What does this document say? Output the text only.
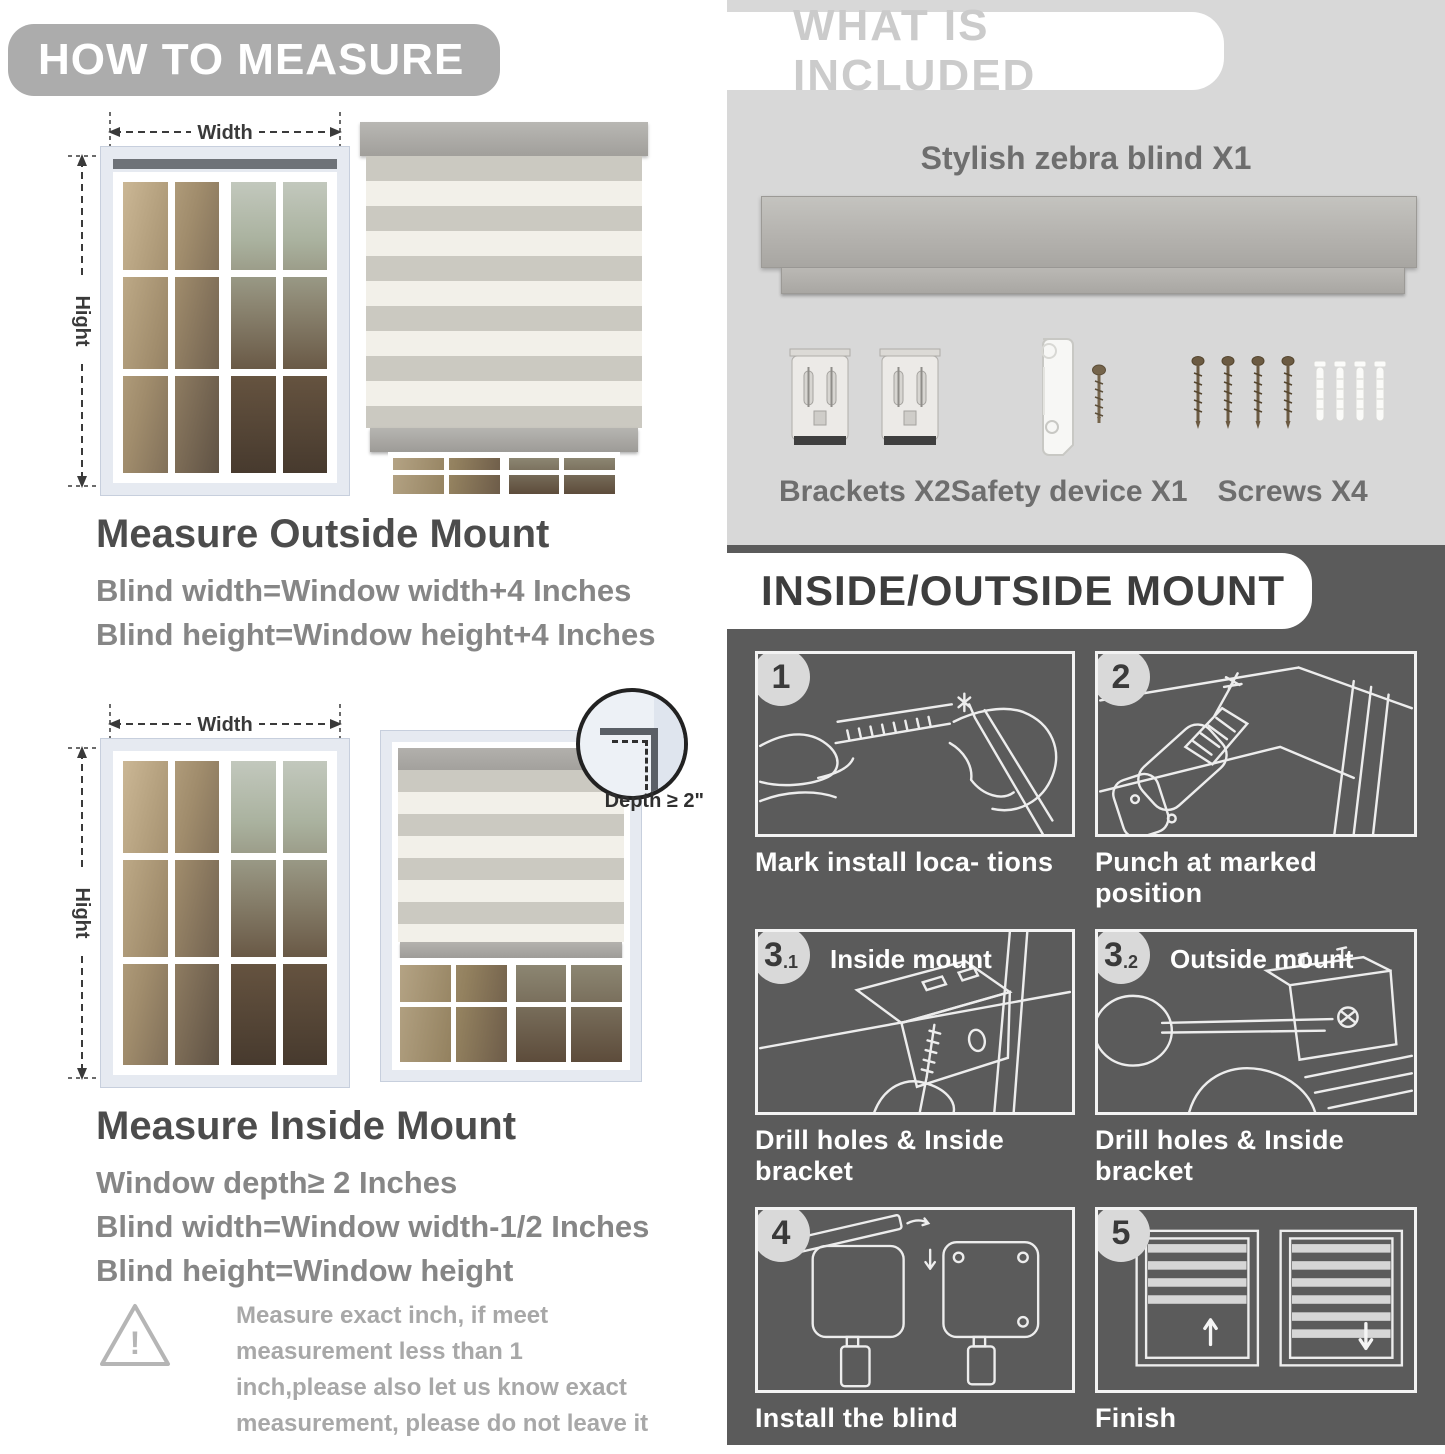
HOW TO MEASURE
Hight
Width
Measure Outside Mount
Blind width=Window width+4 Inches
Blind height=Window height+4 Inches
Hight
Width
Depth ≥ 2"
Measure Inside Mount
Window depth≥ 2 Inches
Blind width=Window width-1/2 Inches
Blind height=Window height
!
Measure exact inch, if meet measurement less than 1 inch,please also let us know exact measurement, please do not leave it
WHAT IS INCLUDED
Stylish zebra blind X1
Brackets X2 Safety device X1 Screws X4
INSIDE/OUTSIDE MOUNT
1
Mark install loca- tions
2
Punch at marked position
3 .1 Inside mount
Drill holes & Inside bracket
3 .2 Outside mount
Drill holes & Inside bracket
4
Install the blind
5
Finish
